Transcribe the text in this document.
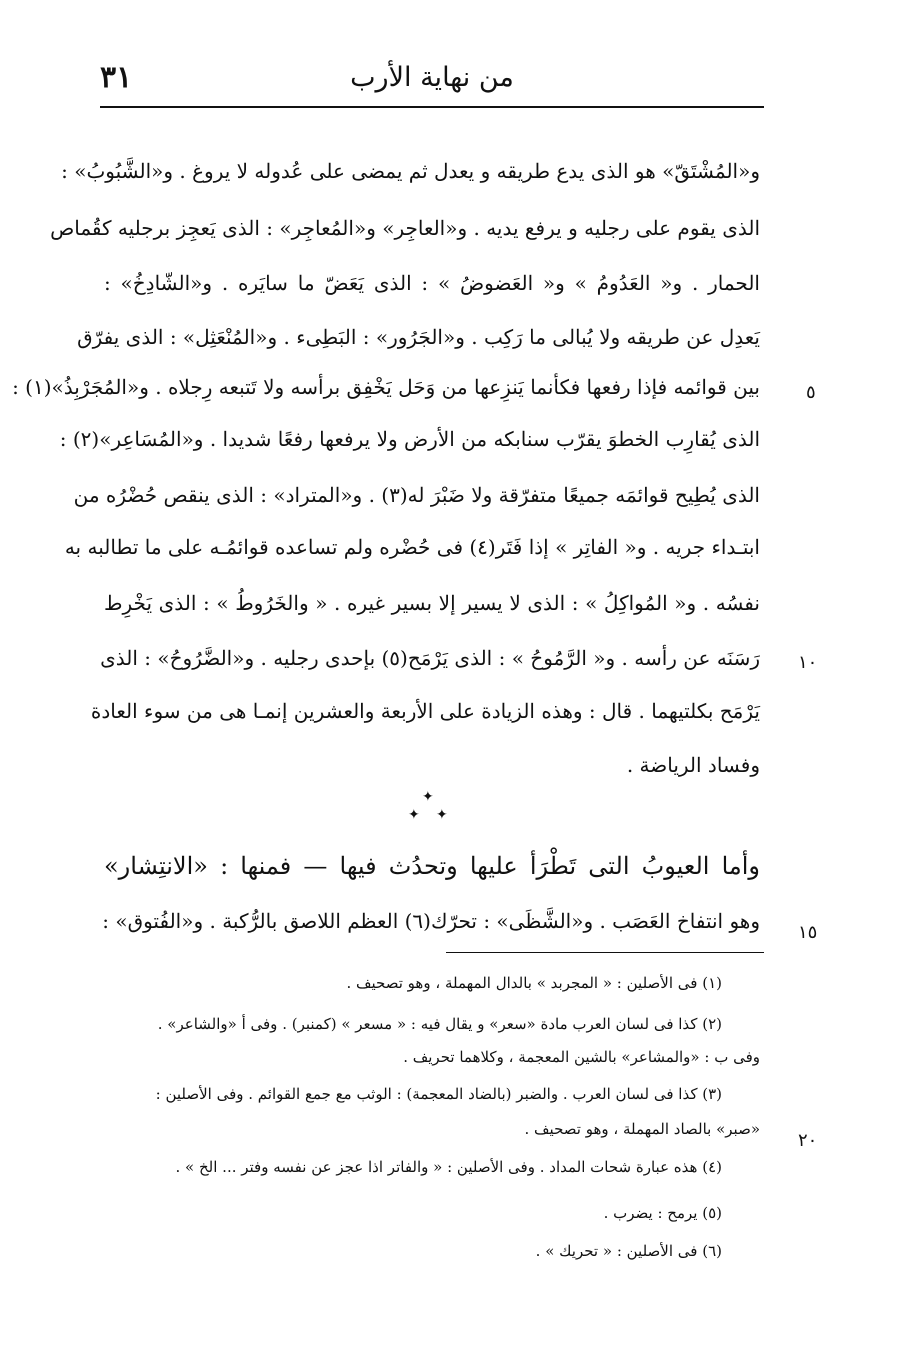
٣١	من نهاية الأرب
و«المُشْتَقّ» هو الذى يدع طريقه و يعدل ثم يمضى على عُدوله لا يروغ . و«الشَّبُوبُ» :
الذى يقوم على رجليه و يرفع يديه . و«العاجِر» و«المُعاجِر» : الذى يَعجِز برجليه كقُماص
الحمار . و« العَدُومُ » و« العَضوضُ » : الذى يَعَضّ ما سايَره . و«الشّادِخُ» :
يَعدِل عن طريقه ولا يُبالى ما رَكِب . و«الجَرُور» : البَطِىء . و«المُنْعَثِل» : الذى يفرّق
بين قوائمه فإذا رفعها فكأنما يَنزِعها من وَحَل يَخْفِق برأسه ولا تَتبعه رِجلاه . و«المُجَرْبِذُ»(١) :
الذى يُقارِب الخطوَ يقرّب سنابكه من الأرض ولا يرفعها رفعًا شديدا . و«المُسَاعِر»(٢) :
الذى يُطِيح قوائمَه جميعًا متفرّقة ولا ضَبْرَ له(٣) . و«المتراد» : الذى ينقص حُضْرُه من
ابتـداء جريه . و« الفاتِر » إذا فَتَر(٤) فى حُضْره ولم تساعده قوائمُـه على ما تطالبه به
نفسُه . و« المُواكِلُ » : الذى لا يسير إلا بسير غيره . « والخَرُوطُ » : الذى يَخْرِط
رَسَنَه عن رأسه . و« الرَّمُوحُ » : الذى يَرْمَح(٥) بإحدى رجليه . و«الضَّرُوحُ» : الذى
يَرْمَح بكلتيهما . قال : وهذه الزيادة على الأربعة والعشرين إنمـا هى من سوء العادة
وفساد الرياضة .
٥
١٠
١٥
٢٠
✦
✦ ✦
وأما العيوبُ التى تَطْرَأ عليها وتحدُث فيها — فمنها : «الانتِشار»
وهو انتفاخ العَصَب . و«الشَّظَى» : تحرّك(٦) العظم اللاصق بالرُّكبة . و«الفُتوق» :
(١) فى الأصلين : « المجربد » بالدال المهملة ، وهو تصحيف .
(٢) كذا فى لسان العرب مادة «سعر» و يقال فيه : « مسعر » (كمنبر) . وفى أ «والشاعر» .
وفى ب : «والمشاعر» بالشين المعجمة ، وكلاهما تحريف .
(٣) كذا فى لسان العرب . والضبر (بالضاد المعجمة) : الوثب مع جمع القوائم . وفى الأصلين :
«صبر» بالصاد المهملة ، وهو تصحيف .
(٤) هذه عبارة شحات المداد . وفى الأصلين : « والفاتر اذا عجز عن نفسه وفتر ... الخ » .
(٥) يرمح : يضرب .
(٦) فى الأصلين : « تحريك » .
